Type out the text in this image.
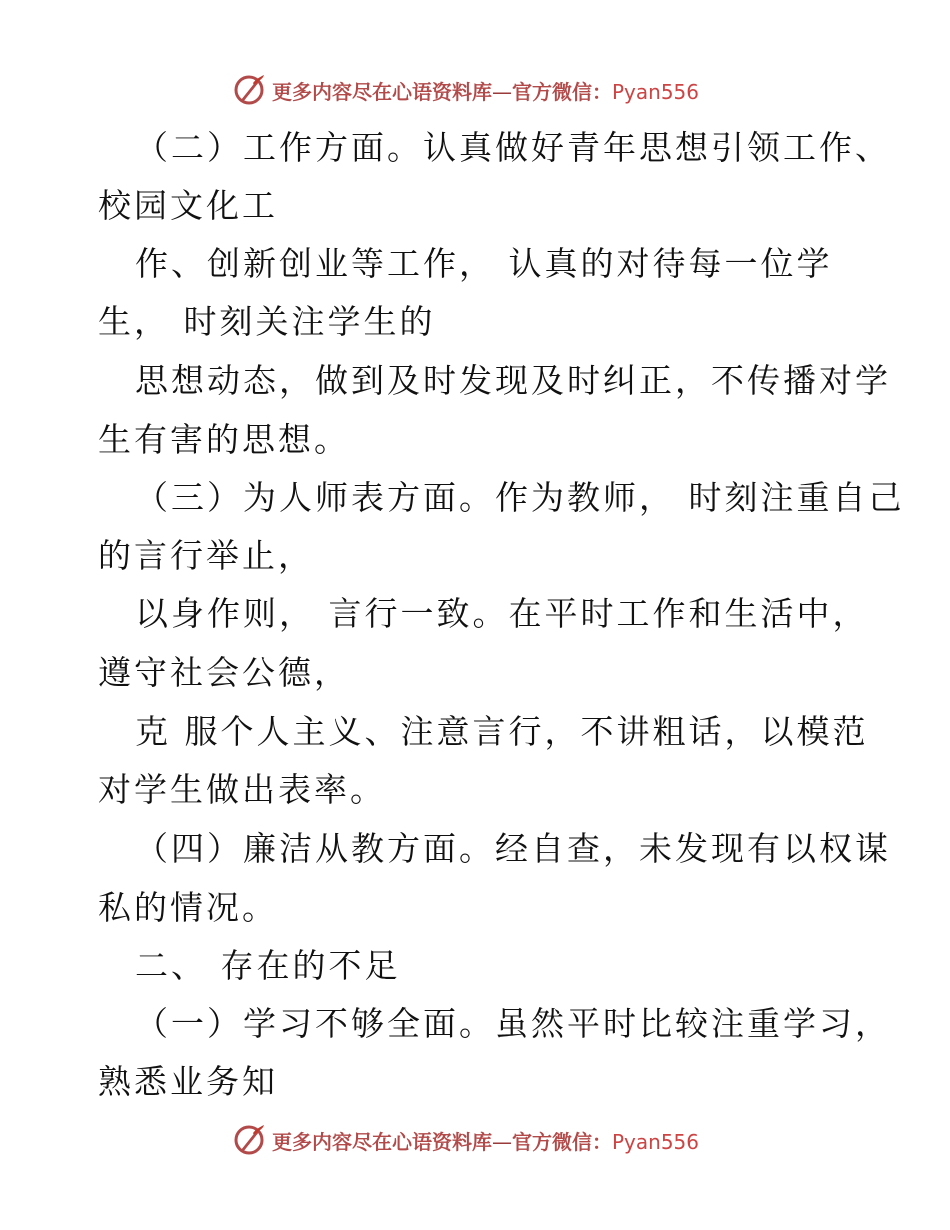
更多内容尽在心语资料库—官方微信：Pyan556
（二）工作方面。认真做好青年思想引领工作、
校园文化工
作、创新创业等工作， 认真的对待每一位学
生， 时刻关注学生的
思想动态，做到及时发现及时纠正，不传播对学
生有害的思想。
（三）为人师表方面。作为教师， 时刻注重自己
的言行举止，
以身作则， 言行一致。在平时工作和生活中，
遵守社会公德，
克 服个人主义、注意言行，不讲粗话，以模范
对学生做出表率。
（四）廉洁从教方面。经自查，未发现有以权谋
私的情况。
二、 存在的不足
（一）学习不够全面。虽然平时比较注重学习，
熟悉业务知
更多内容尽在心语资料库—官方微信：Pyan556
